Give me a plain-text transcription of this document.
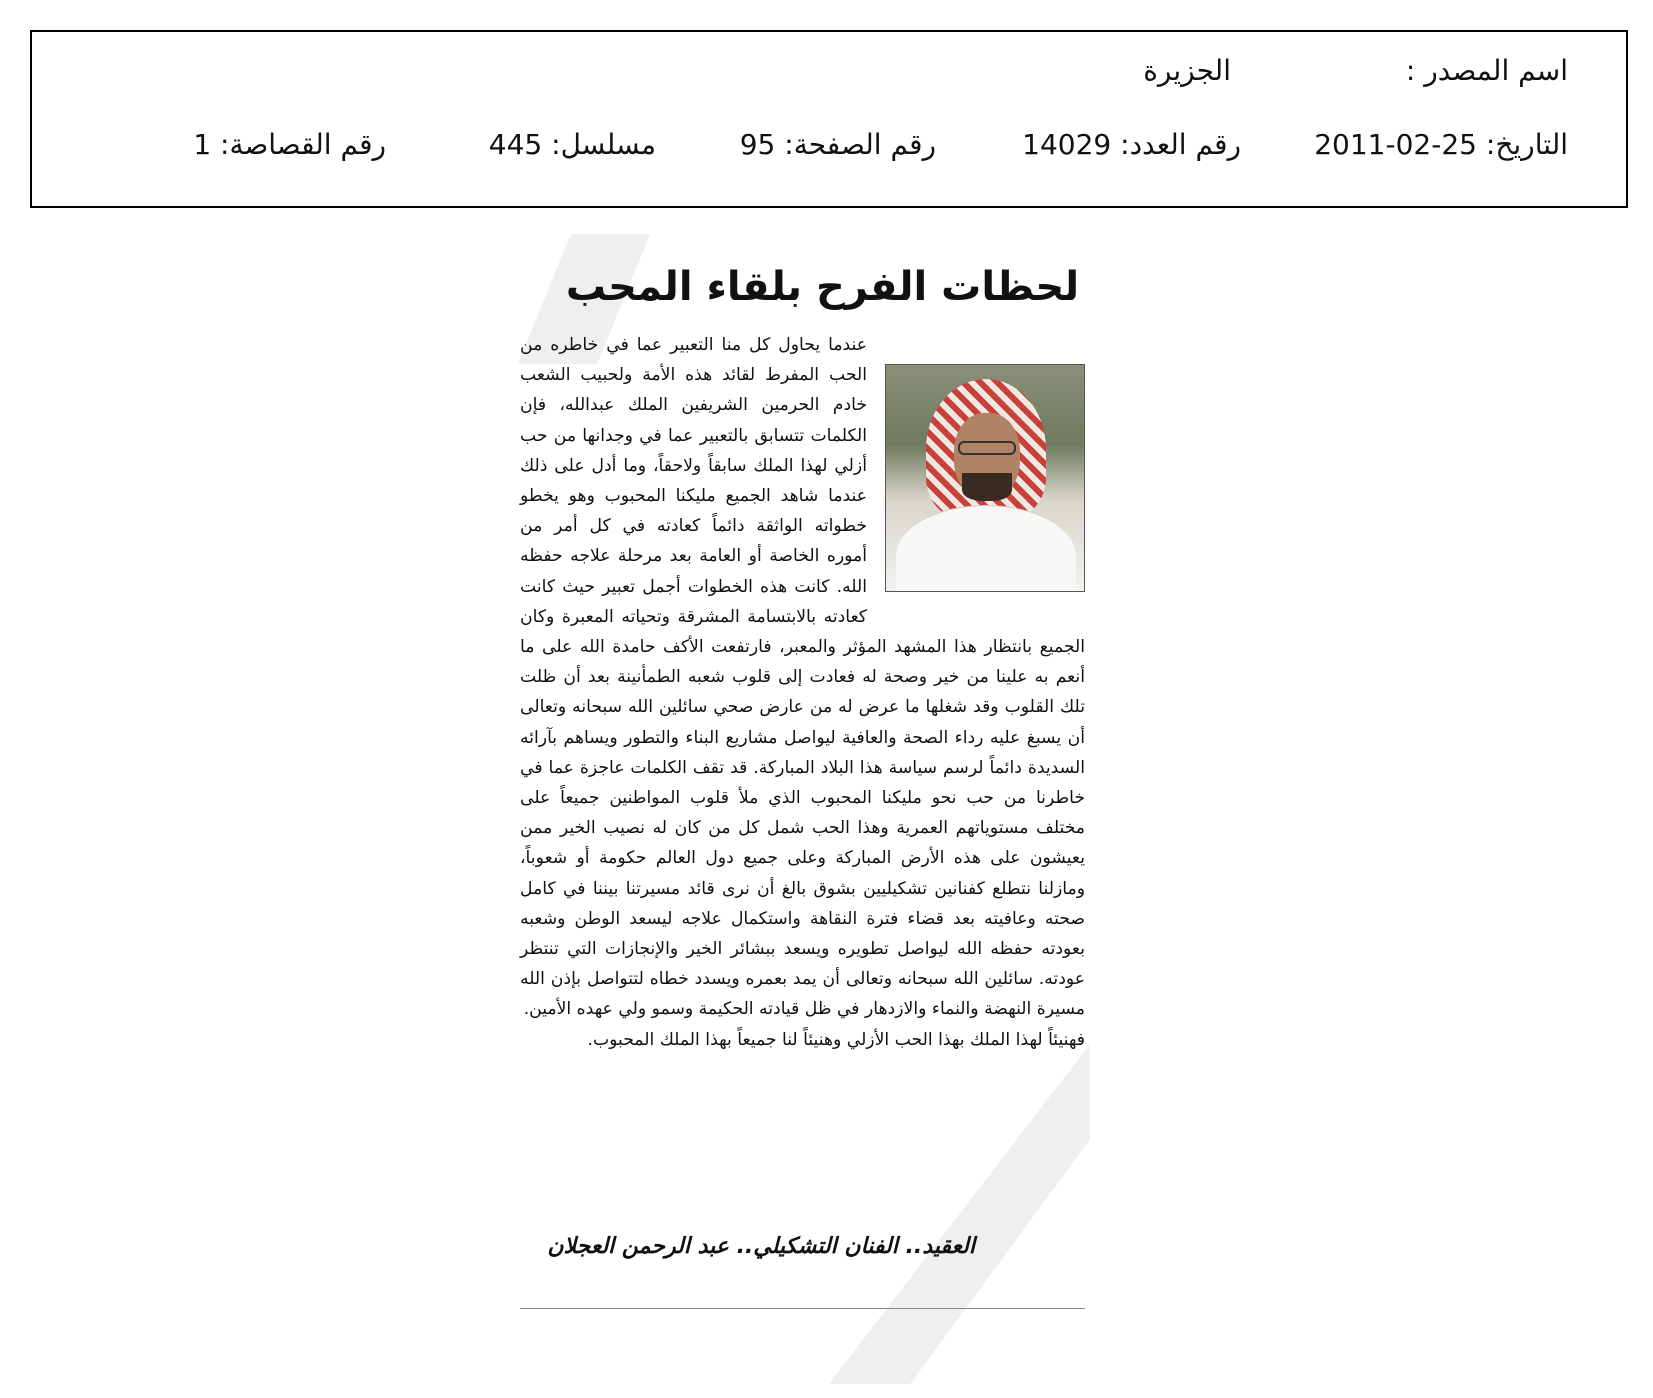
اسم المصدر :
الجزيرة
التاريخ: 25-02-2011
رقم العدد: 14029
رقم الصفحة: 95
مسلسل: 445
رقم القصاصة: 1
لحظات الفرح بلقاء المحب

عندما يحاول كل منا التعبير عما في خاطره من الحب المفرط لقائد هذه الأمة ولحبيب الشعب خادم الحرمين الشريفين الملك عبدالله، فإن الكلمات تتسابق بالتعبير عما في وجدانها من حب أزلي لهذا الملك سابقاً ولاحقاً، وما أدل على ذلك عندما شاهد الجميع مليكنا المحبوب وهو يخطو خطواته الواثقة دائماً كعادته في كل أمر من أموره الخاصة أو العامة بعد مرحلة علاجه حفظه الله. كانت هذه الخطوات أجمل تعبير حيث كانت كعادته بالابتسامة المشرقة وتحياته المعبرة وكان الجميع بانتظار هذا المشهد المؤثر والمعبر، فارتفعت الأكف حامدة الله على ما أنعم به علينا من خير وصحة له فعادت إلى قلوب شعبه الطمأنينة بعد أن ظلت تلك القلوب وقد شغلها ما عرض له من عارض صحي سائلين الله سبحانه وتعالى أن يسبغ عليه رداء الصحة والعافية ليواصل مشاريع البناء والتطور ويساهم بآرائه السديدة دائماً لرسم سياسة هذا البلاد المباركة. قد تقف الكلمات عاجزة عما في خاطرنا من حب نحو مليكنا المحبوب الذي ملأ قلوب المواطنين جميعاً على مختلف مستوياتهم العمرية وهذا الحب شمل كل من كان له نصيب الخير ممن يعيشون على هذه الأرض المباركة وعلى جميع دول العالم حكومة أو شعوباً، ومازلنا نتطلع كفنانين تشكيليين بشوق بالغ أن نرى قائد مسيرتنا بيننا في كامل صحته وعافيته بعد قضاء فترة النقاهة واستكمال علاجه ليسعد الوطن وشعبه بعودته حفظه الله ليواصل تطويره ويسعد ببشائر الخير والإنجازات التي تنتظر عودته. سائلين الله سبحانه وتعالى أن يمد بعمره ويسدد خطاه لتتواصل بإذن الله مسيرة النهضة والنماء والازدهار في ظل قيادته الحكيمة وسمو ولي عهده الأمين.

فهنيئاً لهذا الملك بهذا الحب الأزلي وهنيئاً لنا جميعاً بهذا الملك المحبوب.

العقيد.. الفنان التشكيلي.. عبد الرحمن العجلان
